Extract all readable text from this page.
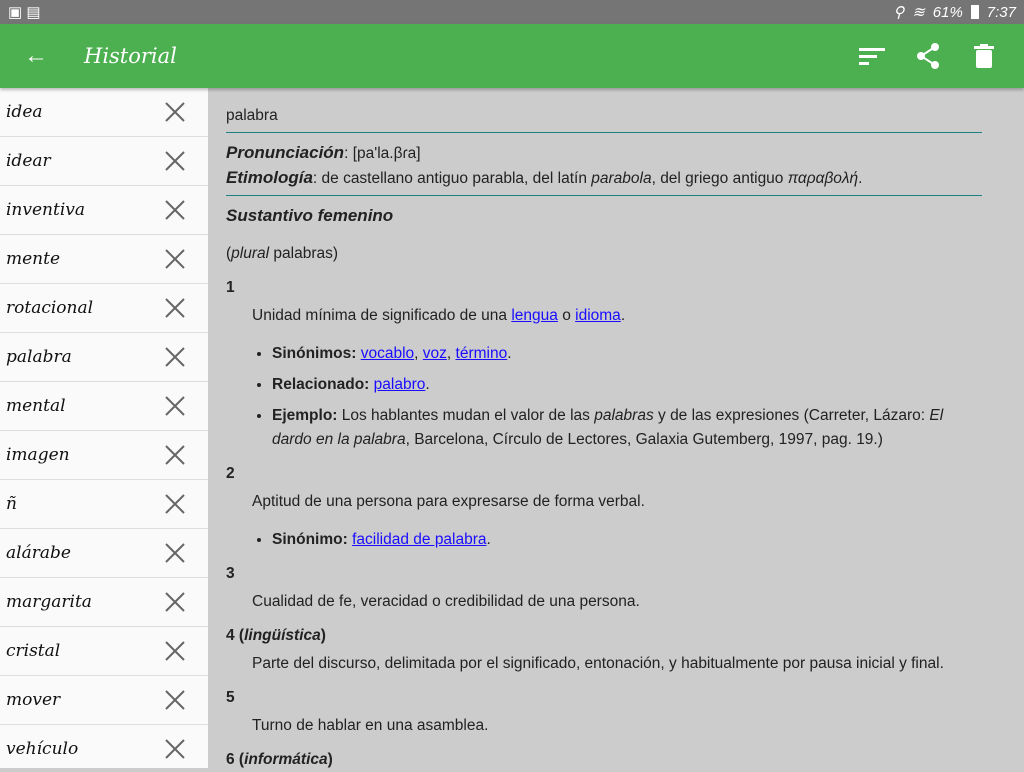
▣ ▤	⚲ ≋ 61% 7:37
←	Historial
idea
idear
inventiva
mente
rotacional
palabra
mental
imagen
ñ
alárabe
margarita
cristal
mover
vehículo
palabra
Pronunciación: [pa'la.βɾa]
Etimología: de castellano antiguo parabla, del latín parabola, del griego antiguo παραβολή.
Sustantivo femenino
(plural palabras)
1
Unidad mínima de significado de una lengua o idioma.
• Sinónimos: vocablo, voz, término.
• Relacionado: palabro.
• Ejemplo: Los hablantes mudan el valor de las palabras y de las expresiones (Carreter, Lázaro: El dardo en la palabra, Barcelona, Círculo de Lectores, Galaxia Gutemberg, 1997, pag. 19.)
2
Aptitud de una persona para expresarse de forma verbal.
• Sinónimo: facilidad de palabra.
3
Cualidad de fe, veracidad o credibilidad de una persona.
4 (lingüística)
Parte del discurso, delimitada por el significado, entonación, y habitualmente por pausa inicial y final.
5
Turno de hablar en una asamblea.
6 (informática)
